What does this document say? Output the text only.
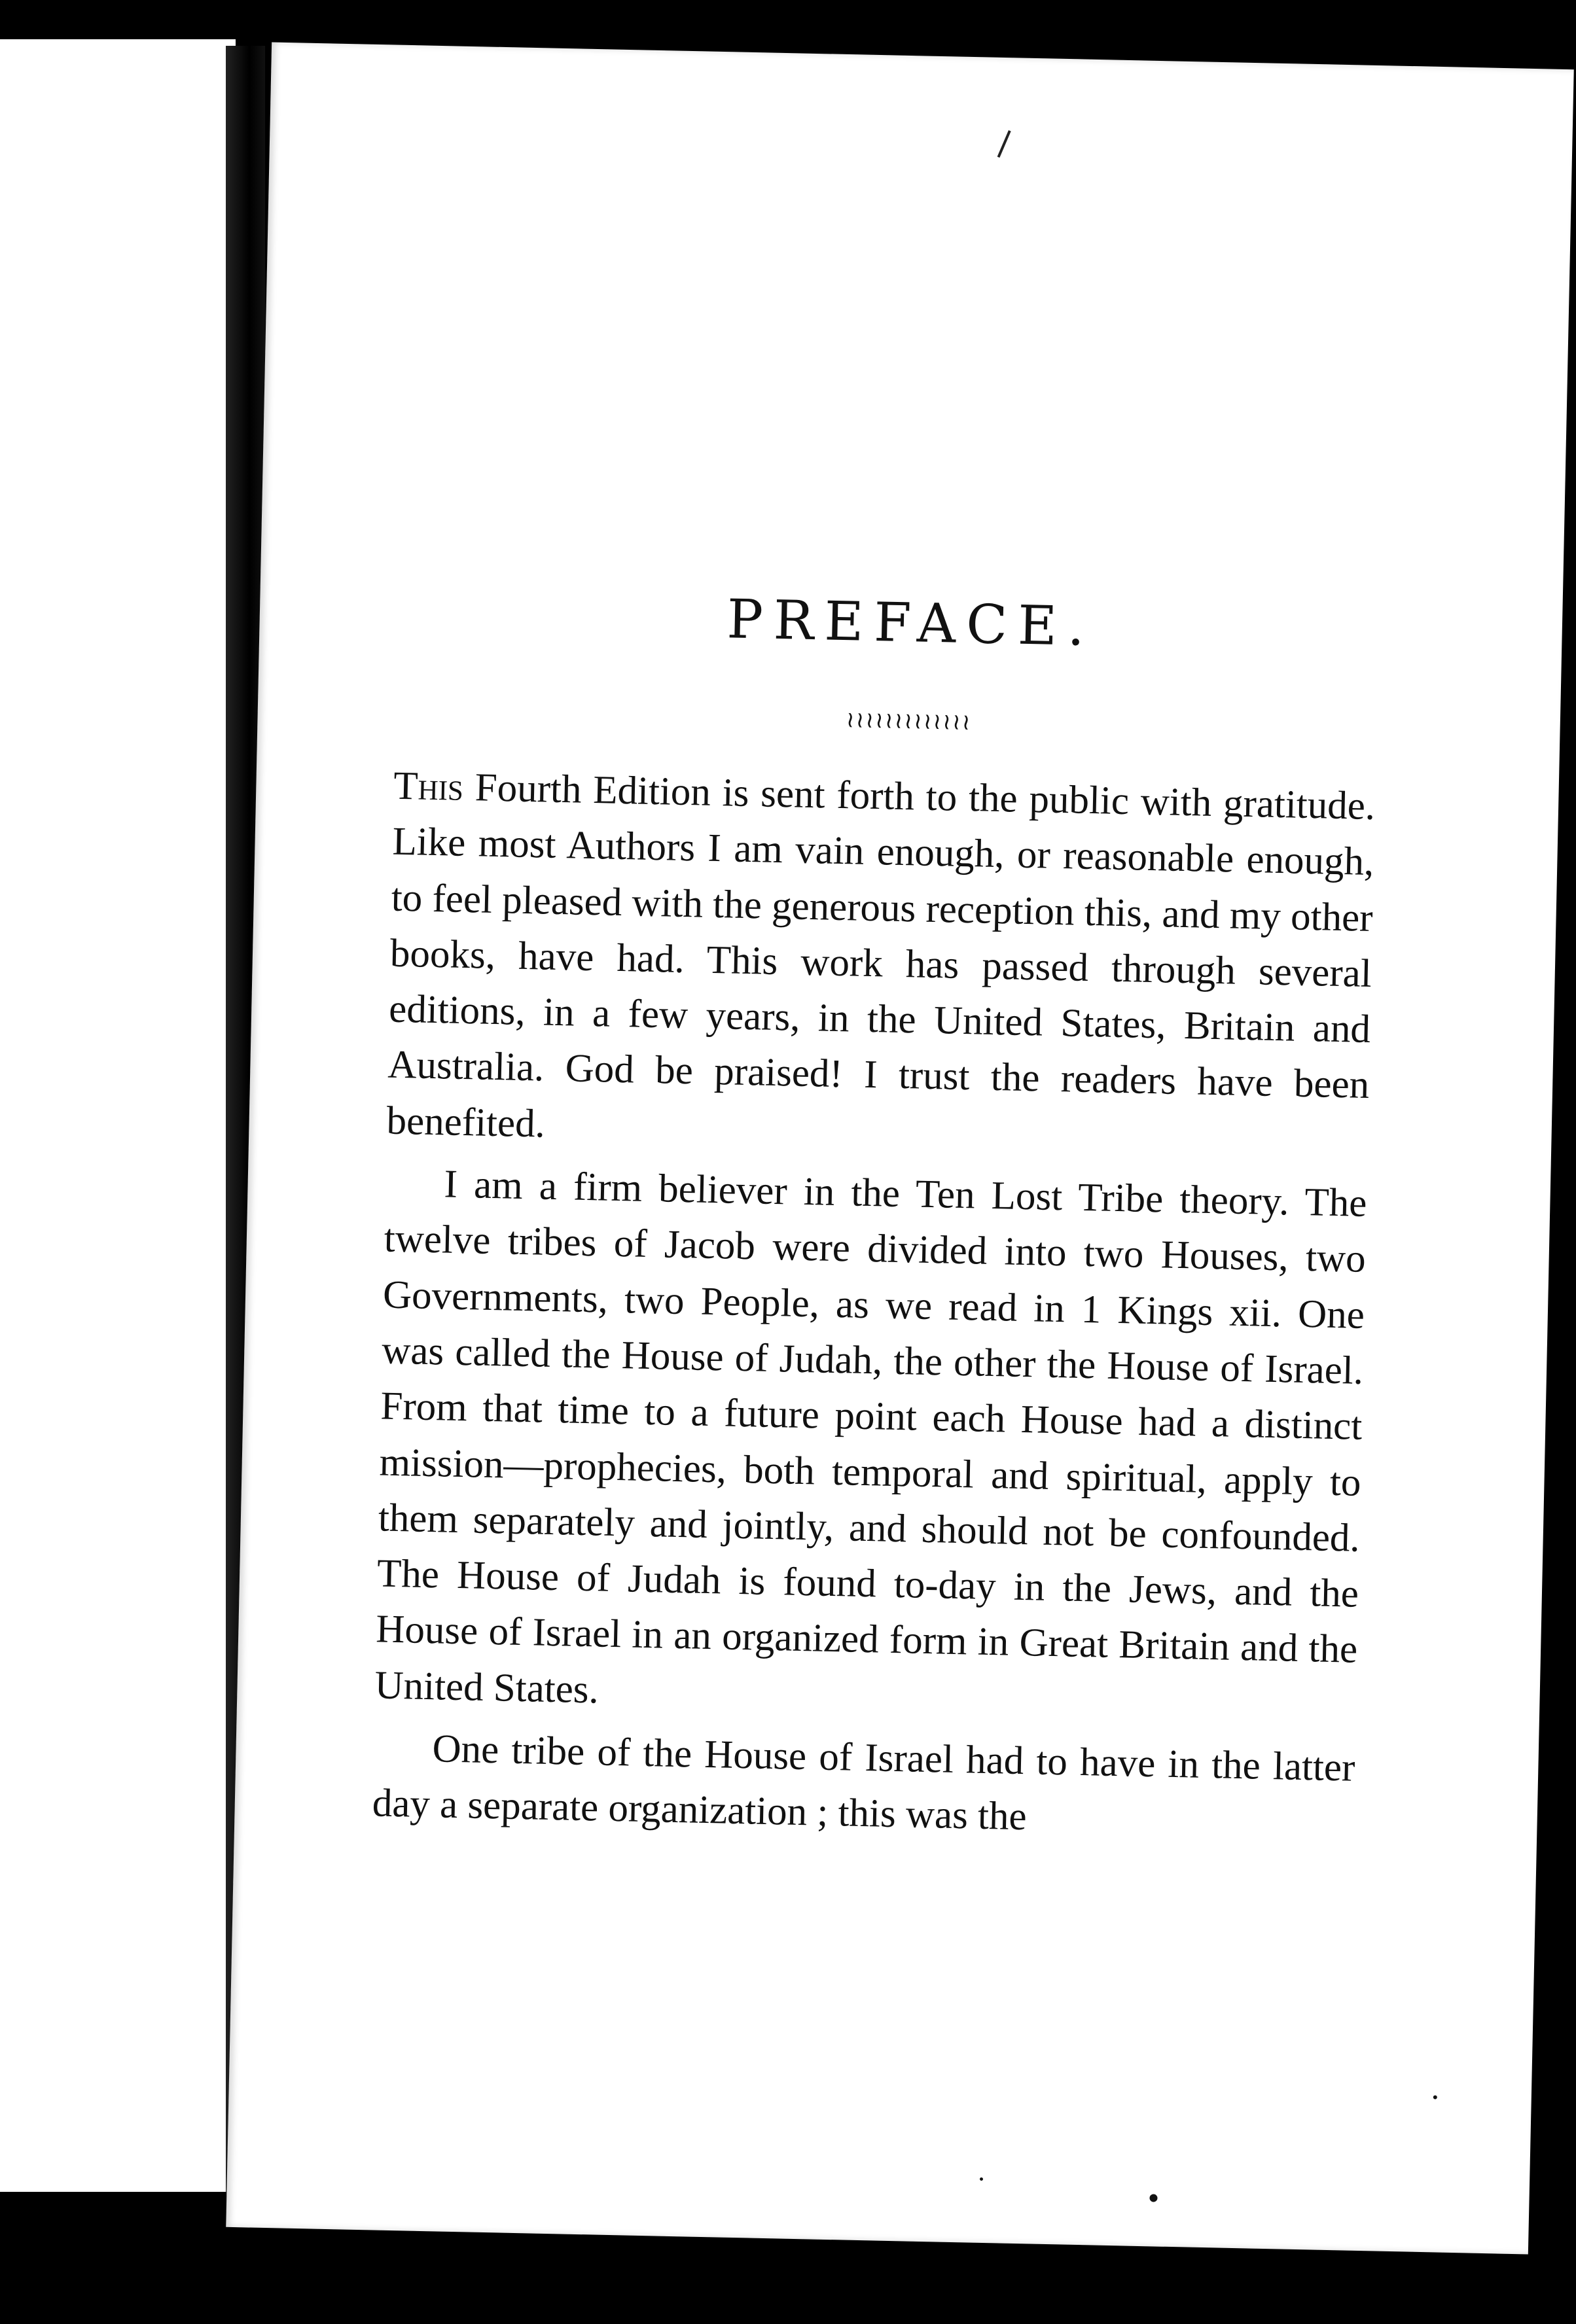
PREFACE.
≀≀≀≀≀≀≀≀≀≀≀≀≀

This Fourth Edition is sent forth to the public with gratitude. Like most Authors I am vain enough, or reasonable enough, to feel pleased with the generous reception this, and my other books, have had. This work has passed through several editions, in a few years, in the United States, Britain and Australia. God be praised! I trust the readers have been benefited.

I am a firm believer in the Ten Lost Tribe theory. The twelve tribes of Jacob were divided into two Houses, two Governments, two People, as we read in 1 Kings xii. One was called the House of Judah, the other the House of Israel. From that time to a future point each House had a distinct mission—prophecies, both temporal and spiritual, apply to them separately and jointly, and should not be confounded. The House of Judah is found to-day in the Jews, and the House of Israel in an organized form in Great Britain and the United States.

One tribe of the House of Israel had to have in the latter day a separate organization ; this was the
